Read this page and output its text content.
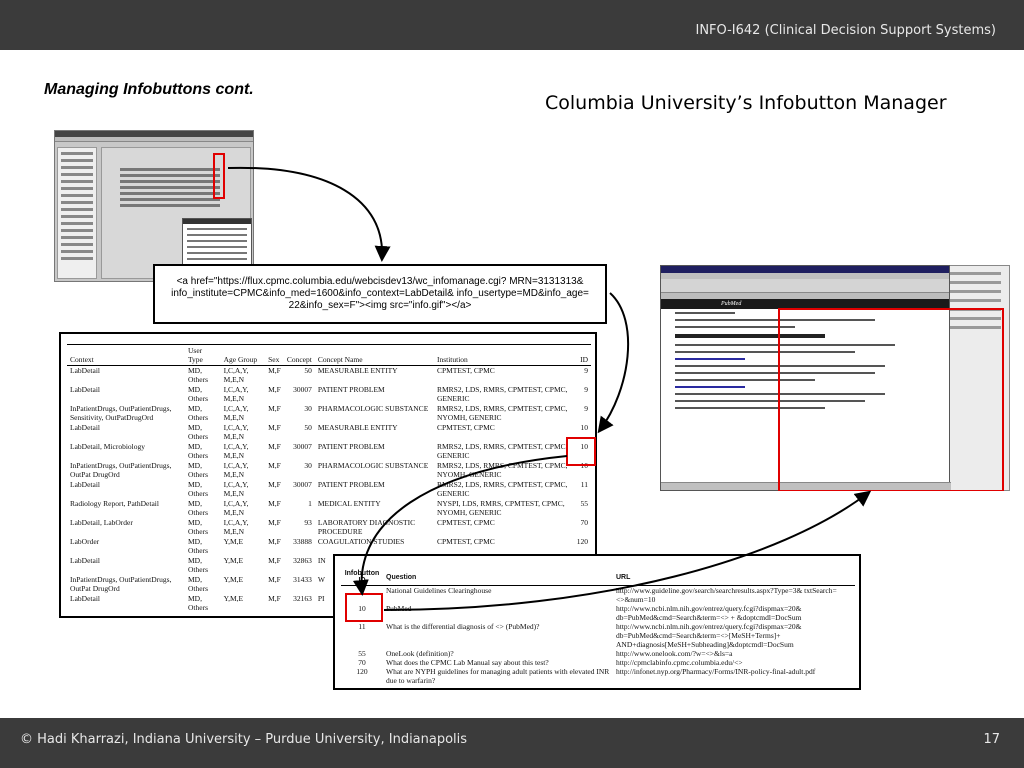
INFO-I642 (Clinical Decision Support Systems)
Managing Infobuttons cont.
Columbia University’s Infobutton Manager
<a href="https://flux.cpmc.columbia.edu/webcisdev13/wc_infomanage.cgi? MRN=3131313&
info_institute=CPMC&info_med=1600&info_context=LabDetail& info_usertype=MD&info_age=
22&info_sex=F"><img src="info.gif"></a>
Context	User Type	Age Group	Sex	Concept	Concept Name	Institution	ID
LabDetail	MD, Others	I,C,A,Y, M,E,N	M,F	50	MEASURABLE ENTITY	CPMTEST, CPMC	9
LabDetail	MD, Others	I,C,A,Y, M,E,N	M,F	30007	PATIENT PROBLEM	RMRS2, LDS, RMRS, CPMTEST, CPMC, GENERIC	9
InPatientDrugs, OutPatientDrugs, Sensitivity, OutPatDrugOrd	MD, Others	I,C,A,Y, M,E,N	M,F	30	PHARMACOLOGIC SUBSTANCE	RMRS2, LDS, RMRS, CPMTEST, CPMC, NYOMH, GENERIC	9
LabDetail	MD, Others	I,C,A,Y, M,E,N	M,F	50	MEASURABLE ENTITY	CPMTEST, CPMC	10
LabDetail, Microbiology	MD, Others	I,C,A,Y, M,E,N	M,F	30007	PATIENT PROBLEM	RMRS2, LDS, RMRS, CPMTEST, CPMC, GENERIC	10
InPatientDrugs, OutPatientDrugs, OutPat DrugOrd	MD, Others	I,C,A,Y, M,E,N	M,F	30	PHARMACOLOGIC SUBSTANCE	RMRS2, LDS, RMRS, CPMTEST, CPMC, NYOMH, GENERIC	10
LabDetail	MD, Others	I,C,A,Y, M,E,N	M,F	30007	PATIENT PROBLEM	RMRS2, LDS, RMRS, CPMTEST, CPMC, GENERIC	11
Radiology Report, PathDetail	MD, Others	I,C,A,Y, M,E,N	M,F	1	MEDICAL ENTITY	NYSPI, LDS, RMRS, CPMTEST, CPMC, NYOMH, GENERIC	55
LabDetail, LabOrder	MD, Others	I,C,A,Y, M,E,N	M,F	93	LABORATORY DIAGNOSTIC PROCEDURE	CPMTEST, CPMC	70
LabOrder	MD, Others	Y,M,E	M,F	33888	COAGULATION STUDIES	CPMTEST, CPMC	120
LabDetail	MD, Others	Y,M,E	M,F	32863	IN		
InPatientDrugs, OutPatientDrugs, OutPat DrugOrd	MD, Others	Y,M,E	M,F	31433	W		
LabDetail	MD, Others	Y,M,E	M,F	32163	PI		
PubMed
Infobutton ID	Question	URL
9	National Guidelines Clearinghouse	http://www.guideline.gov/search/searchresults.aspx?Type=3& txtSearch=<>&num=10
10	PubMed	http://www.ncbi.nlm.nih.gov/entrez/query.fcgi?dispmax=20& db=PubMed&cmd=Search&term=<> + &doptcmdl=DocSum
11	What is the differential diagnosis of <> (PubMed)?	http://www.ncbi.nlm.nih.gov/entrez/query.fcgi?dispmax=20& db=PubMed&cmd=Search&term=<>[MeSH+Terms]+ AND+diagnosis[MeSH+Subheading]&doptcmdl=DocSum
55	OneLook (definition)?	http://www.onelook.com/?w=<>&ls=a
70	What does the CPMC Lab Manual say about this test?	http://cpmclabinfo.cpmc.columbia.edu/<>
120	What are NYPH guidelines for managing adult patients with elevated INR due to warfarin?	http://infonet.nyp.org/Pharmacy/Forms/INR-policy-final-adult.pdf
© Hadi Kharrazi, Indiana University – Purdue University, Indianapolis	17
